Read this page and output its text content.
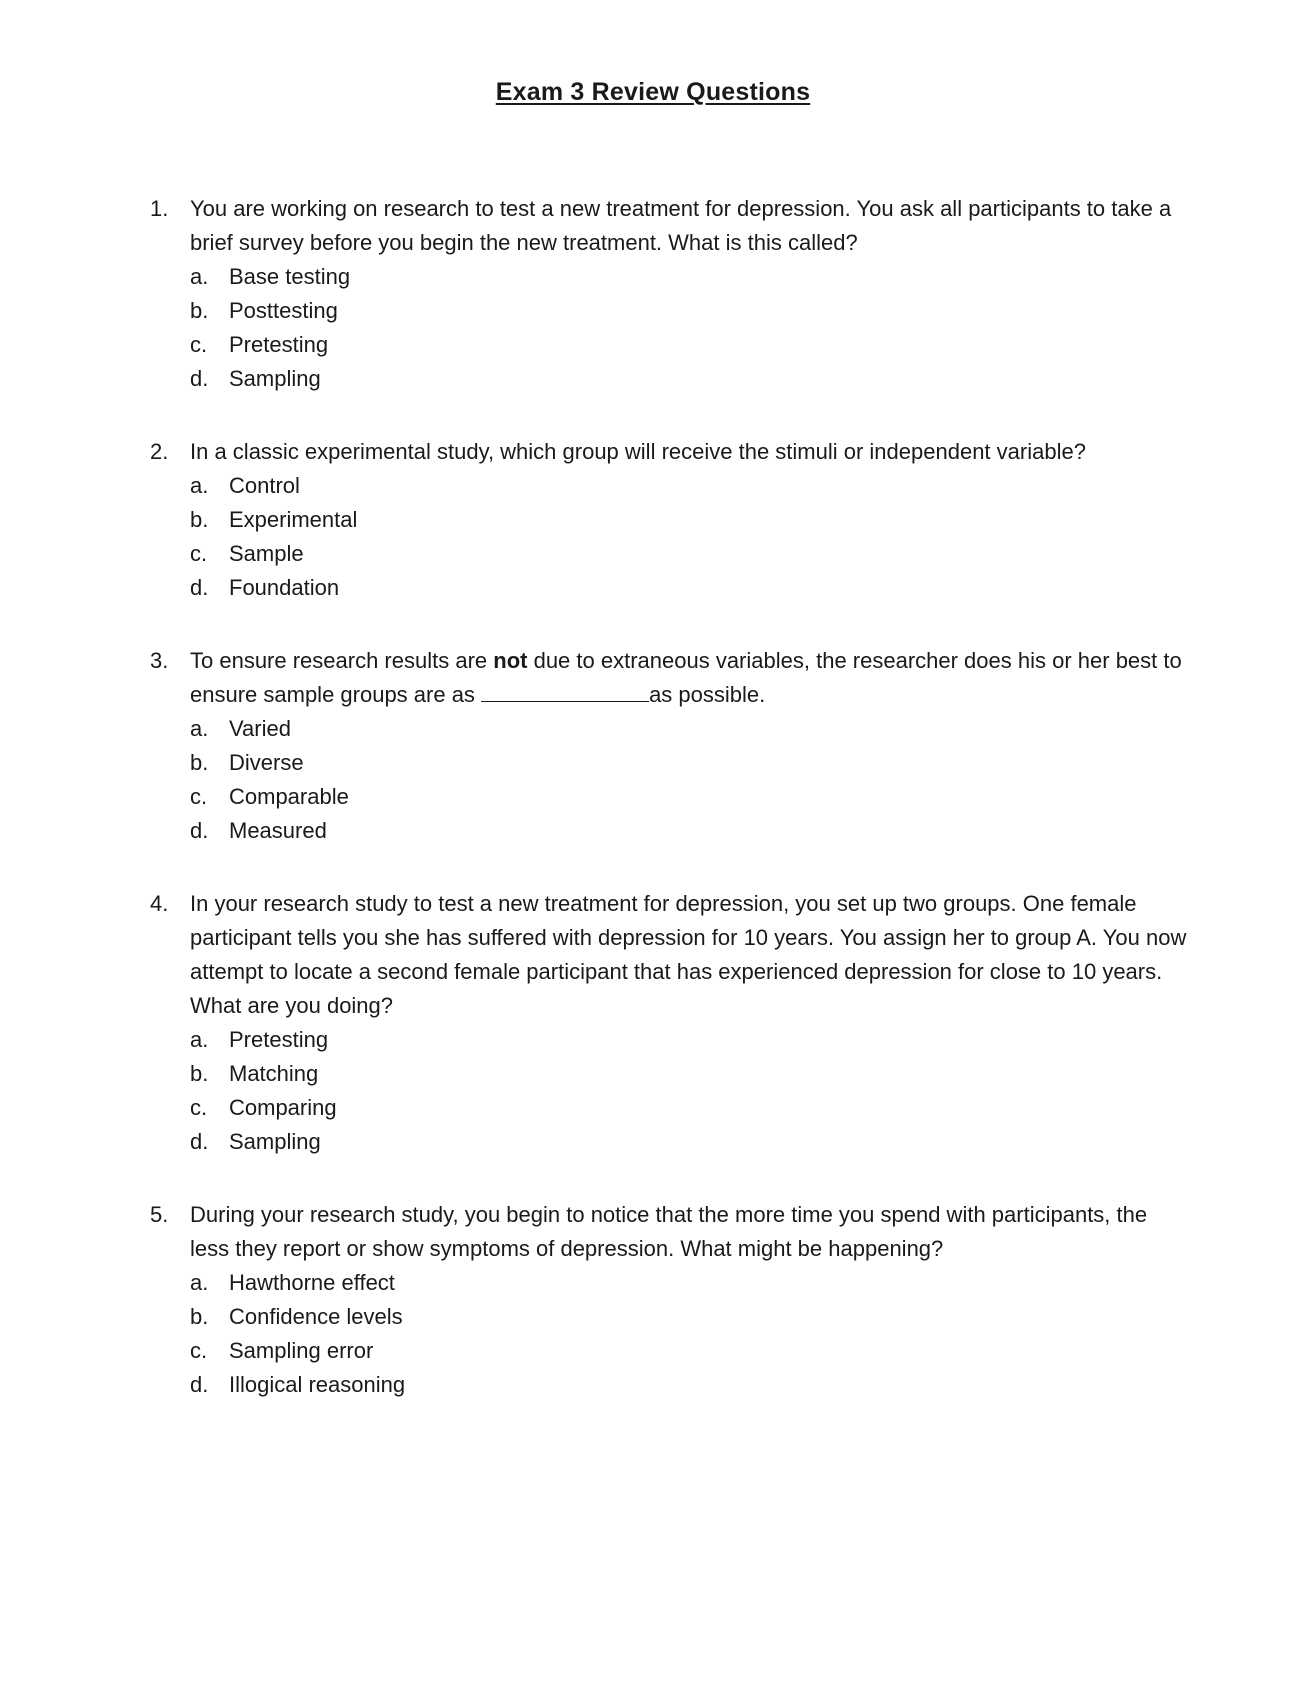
Exam 3 Review Questions
1. You are working on research to test a new treatment for depression. You ask all participants to take a brief survey before you begin the new treatment. What is this called?
a. Base testing
b. Posttesting
c. Pretesting
d. Sampling
2. In a classic experimental study, which group will receive the stimuli or independent variable?
a. Control
b. Experimental
c. Sample
d. Foundation
3. To ensure research results are not due to extraneous variables, the researcher does his or her best to ensure sample groups are as	as possible.
a. Varied
b. Diverse
c. Comparable
d. Measured
4. In your research study to test a new treatment for depression, you set up two groups. One female participant tells you she has suffered with depression for 10 years. You assign her to group A. You now attempt to locate a second female participant that has experienced depression for close to 10 years. What are you doing?
a. Pretesting
b. Matching
c. Comparing
d. Sampling
5. During your research study, you begin to notice that the more time you spend with participants, the less they report or show symptoms of depression. What might be happening?
a. Hawthorne effect
b. Confidence levels
c. Sampling error
d. Illogical reasoning
